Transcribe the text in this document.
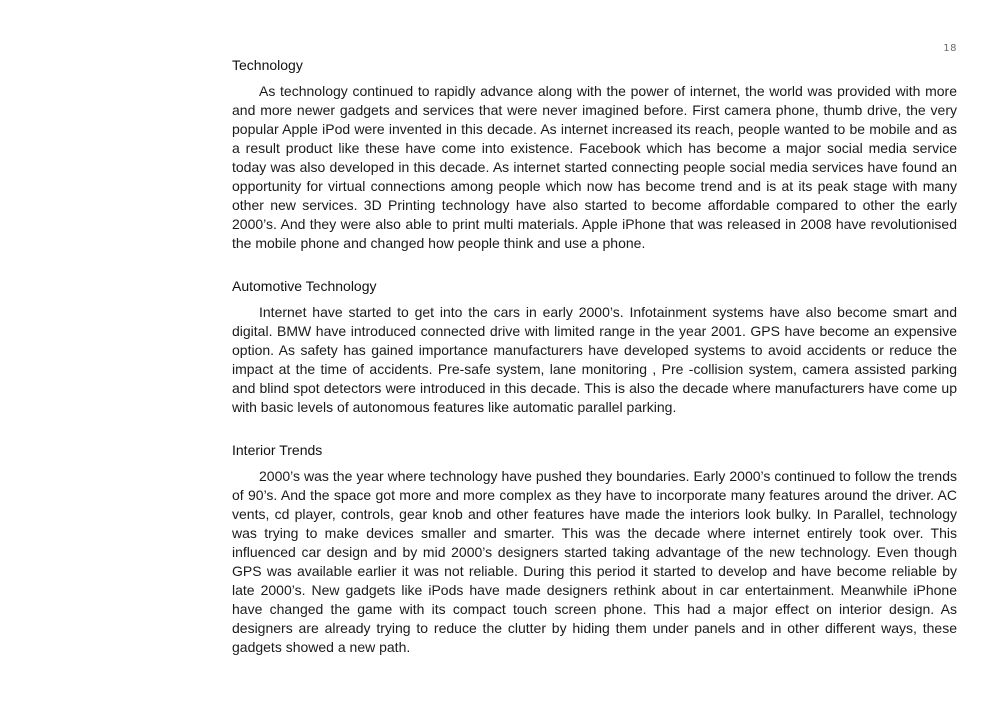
18
Technology

As technology continued to rapidly advance along with the power of internet, the world was provided with more and more newer gadgets and services that were never imagined before. First camera phone, thumb drive, the very popular Apple iPod were invented in this decade. As internet increased its reach, people wanted to be mobile and as a result product like these have come into existence. Facebook which has become a major social media service today was also developed in this decade. As internet started connecting people social media services have found an opportunity for virtual connections among people which now has become trend and is at its peak stage with many other new services. 3D Printing technology have also started to become affordable compared to other the early 2000’s. And they were also able to print multi materials. Apple iPhone that was released in 2008 have revolutionised the mobile phone and changed how people think and use a phone.

Automotive Technology

Internet have started to get into the cars in early 2000’s. Infotainment systems have also become smart and digital. BMW have introduced connected drive with limited range in the year 2001. GPS have become an expensive option. As safety has gained importance manufacturers have developed systems to avoid accidents or reduce the impact at the time of accidents. Pre-safe system, lane monitoring , Pre -collision system, camera assisted parking and blind spot detectors were introduced in this decade. This is also the decade where manufacturers have come up with basic levels of autonomous features like automatic parallel parking.

Interior Trends

2000’s was the year where technology have pushed they boundaries. Early 2000’s continued to follow the trends of 90’s. And the space got more and more complex as they have to incorporate many features around the driver. AC vents, cd player, controls, gear knob and other features have made the interiors look bulky. In Parallel, technology was trying to make devices smaller and smarter. This was the decade where internet entirely took over. This influenced car design and by mid 2000’s designers started taking advantage of the new technology. Even though GPS was available earlier it was not reliable. During this period it started to develop and have become reliable by late 2000’s. New gadgets like iPods have made designers rethink about in car entertainment. Meanwhile iPhone have changed the game with its compact touch screen phone. This had a major effect on interior design. As designers are already trying to reduce the clutter by hiding them under panels and in other different ways, these gadgets showed a new path.
